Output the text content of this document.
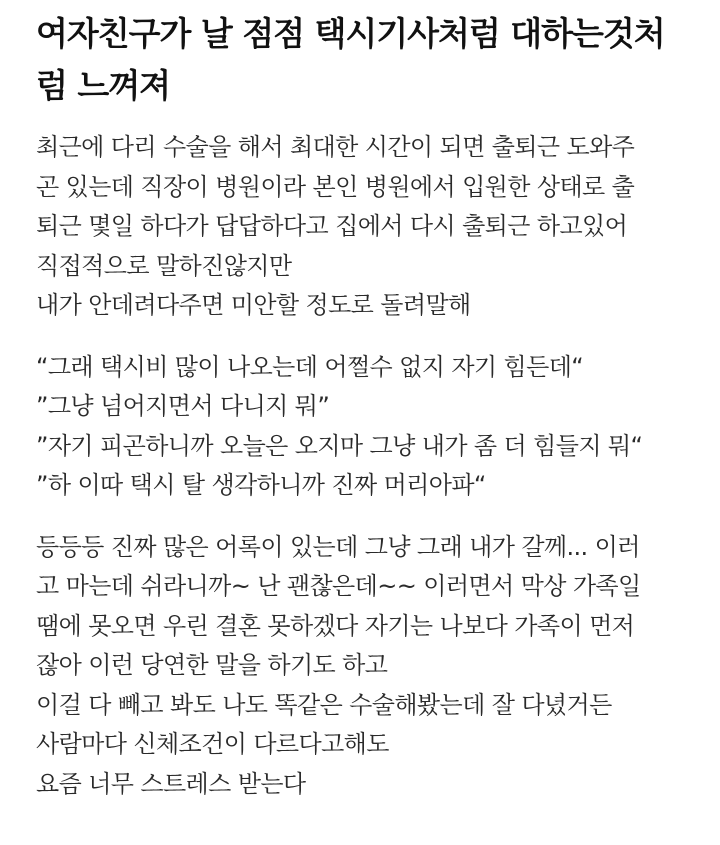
여자친구가 날 점점 택시기사처럼 대하는것처
럼 느껴져
최근에 다리 수술을 해서 최대한 시간이 되면 출퇴근 도와주
곤 있는데 직장이 병원이라 본인 병원에서 입원한 상태로 출
퇴근 몇일 하다가 답답하다고 집에서 다시 출퇴근 하고있어
직접적으로 말하진않지만
내가 안데려다주면 미안할 정도로 돌려말해
“그래 택시비 많이 나오는데 어쩔수 없지 자기 힘든데“
”그냥 넘어지면서 다니지 뭐”
”자기 피곤하니까 오늘은 오지마 그냥 내가 좀 더 힘들지 뭐“
”하 이따 택시 탈 생각하니까 진짜 머리아파“
등등등 진짜 많은 어록이 있는데 그냥 그래 내가 갈께... 이러
고 마는데 쉬라니까~ 난 괜찮은데~~ 이러면서 막상 가족일
땜에 못오면 우린 결혼 못하겠다 자기는 나보다 가족이 먼저
잖아 이런 당연한 말을 하기도 하고
이걸 다 빼고 봐도 나도 똑같은 수술해봤는데 잘 다녔거든
사람마다 신체조건이 다르다고해도
요즘 너무 스트레스 받는다
